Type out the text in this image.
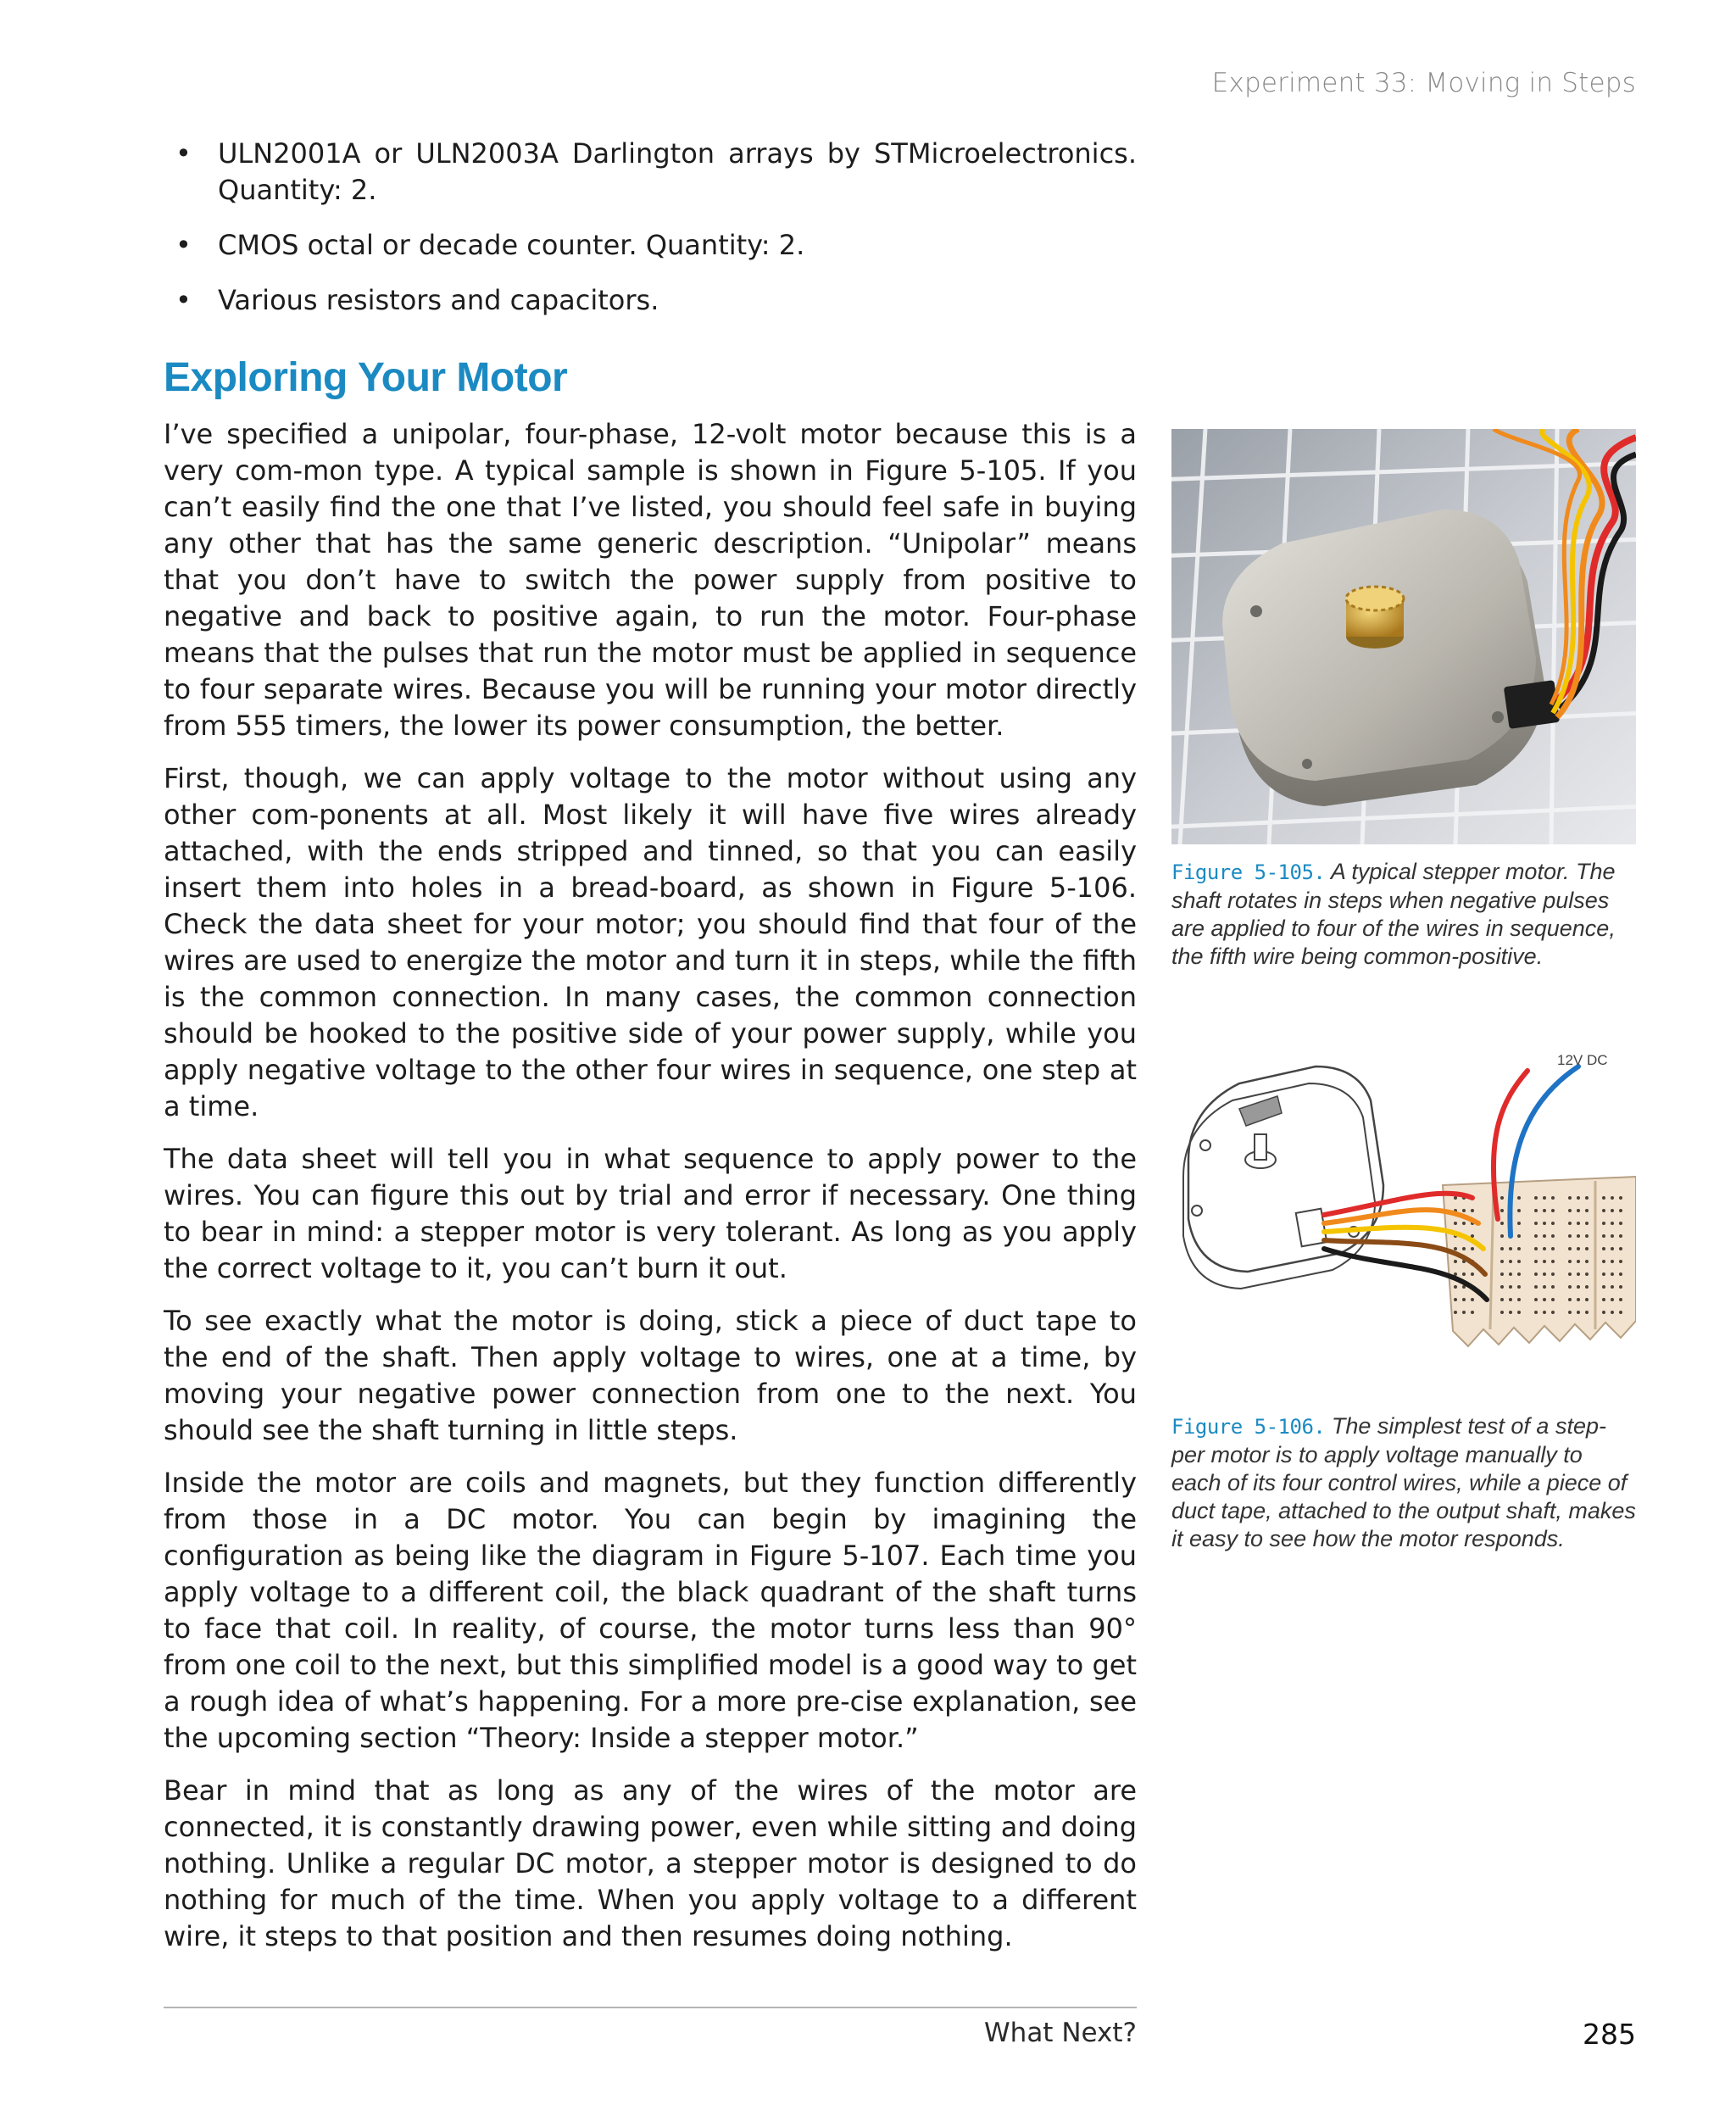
Experiment 33: Moving in Steps
• ULN2001A or ULN2003A Darlington arrays by STMicroelectronics. Quantity: 2.
• CMOS octal or decade counter. Quantity: 2.
• Various resistors and capacitors.
Exploring Your Motor

I’ve specified a unipolar, four-phase, 12-volt motor because this is a very com-mon type. A typical sample is shown in Figure 5-105. If you can’t easily find the one that I’ve listed, you should feel safe in buying any other that has the same generic description. “Unipolar” means that you don’t have to switch the power supply from positive to negative and back to positive again, to run the motor. Four-phase means that the pulses that run the motor must be applied in sequence to four separate wires. Because you will be running your motor directly from 555 timers, the lower its power consumption, the better.

First, though, we can apply voltage to the motor without using any other com-ponents at all. Most likely it will have five wires already attached, with the ends stripped and tinned, so that you can easily insert them into holes in a bread-board, as shown in Figure 5-106. Check the data sheet for your motor; you should find that four of the wires are used to energize the motor and turn it in steps, while the fifth is the common connection. In many cases, the common connection should be hooked to the positive side of your power supply, while you apply negative voltage to the other four wires in sequence, one step at a time.

The data sheet will tell you in what sequence to apply power to the wires. You can figure this out by trial and error if necessary. One thing to bear in mind: a stepper motor is very tolerant. As long as you apply the correct voltage to it, you can’t burn it out.

To see exactly what the motor is doing, stick a piece of duct tape to the end of the shaft. Then apply voltage to wires, one at a time, by moving your negative power connection from one to the next. You should see the shaft turning in little steps.

Inside the motor are coils and magnets, but they function differently from those in a DC motor. You can begin by imagining the configuration as being like the diagram in Figure 5-107. Each time you apply voltage to a different coil, the black quadrant of the shaft turns to face that coil. In reality, of course, the motor turns less than 90° from one coil to the next, but this simplified model is a good way to get a rough idea of what’s happening. For a more pre-cise explanation, see the upcoming section “Theory: Inside a stepper motor.”

Bear in mind that as long as any of the wires of the motor are connected, it is constantly drawing power, even while sitting and doing nothing. Unlike a regular DC motor, a stepper motor is designed to do nothing for much of the time. When you apply voltage to a different wire, it steps to that position and then resumes doing nothing.

Figure 5-105. A typical stepper motor. The shaft rotates in steps when negative pulses are applied to four of the wires in sequence, the fifth wire being common-positive.
12V DC
Figure 5-106. The simplest test of a step-per motor is to apply voltage manually to each of its four control wires, while a piece of duct tape, attached to the output shaft, makes it easy to see how the motor responds.
What Next?	285
